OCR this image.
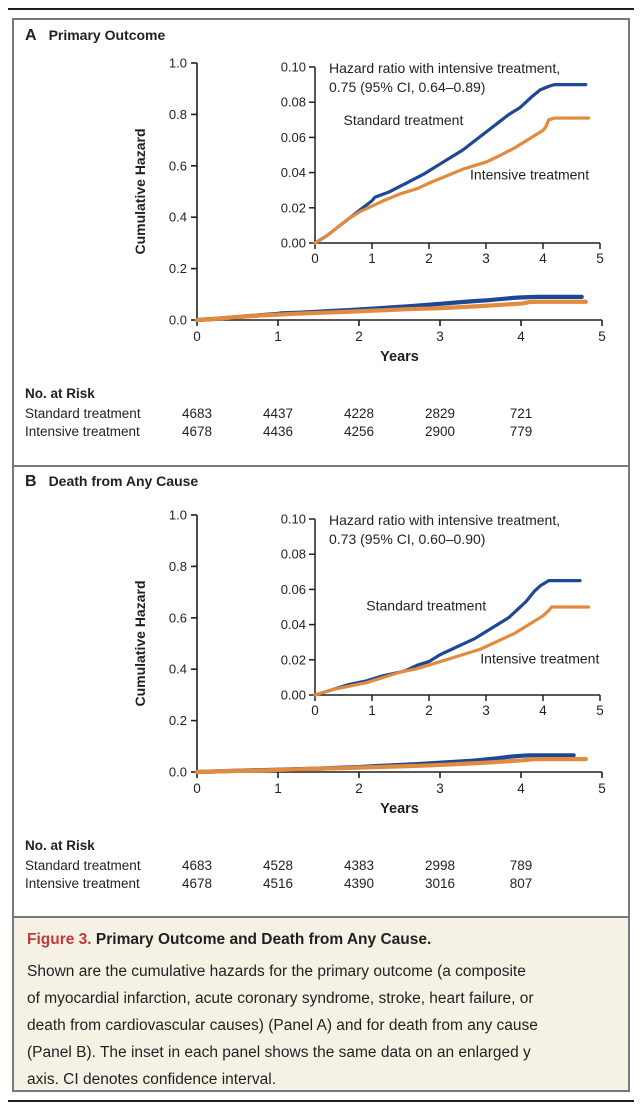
A Primary Outcome
0.0
0.2
0.4
0.6
0.8
1.0
0	1	2	3	4	5
Cumulative Hazard
Years
0.00
0.02
0.04
0.06
0.08
0.10
0	1	2	3	4	5
Hazard ratio with intensive treatment,
0.75 (95% CI, 0.64–0.89)
Standard treatment
Intensive treatment
No. at Risk
Standard treatment	4683	4437	4228	2829	721
Intensive treatment	4678	4436	4256	2900	779
B Death from Any Cause
0.0
0.2
0.4
0.6
0.8
1.0
0	1	2	3	4	5
Cumulative Hazard
Years
0.00
0.02
0.04
0.06
0.08
0.10
0	1	2	3	4	5
Hazard ratio with intensive treatment,
0.73 (95% CI, 0.60–0.90)
Standard treatment
Intensive treatment
No. at Risk
Standard treatment	4683	4528	4383	2998	789
Intensive treatment	4678	4516	4390	3016	807
Figure 3. Primary Outcome and Death from Any Cause.
Shown are the cumulative hazards for the primary outcome (a composite of myocardial infarction, acute coronary syndrome, stroke, heart failure, or death from cardiovascular causes) (Panel A) and for death from any cause (Panel B). The inset in each panel shows the same data on an enlarged y axis. CI denotes confidence interval.
